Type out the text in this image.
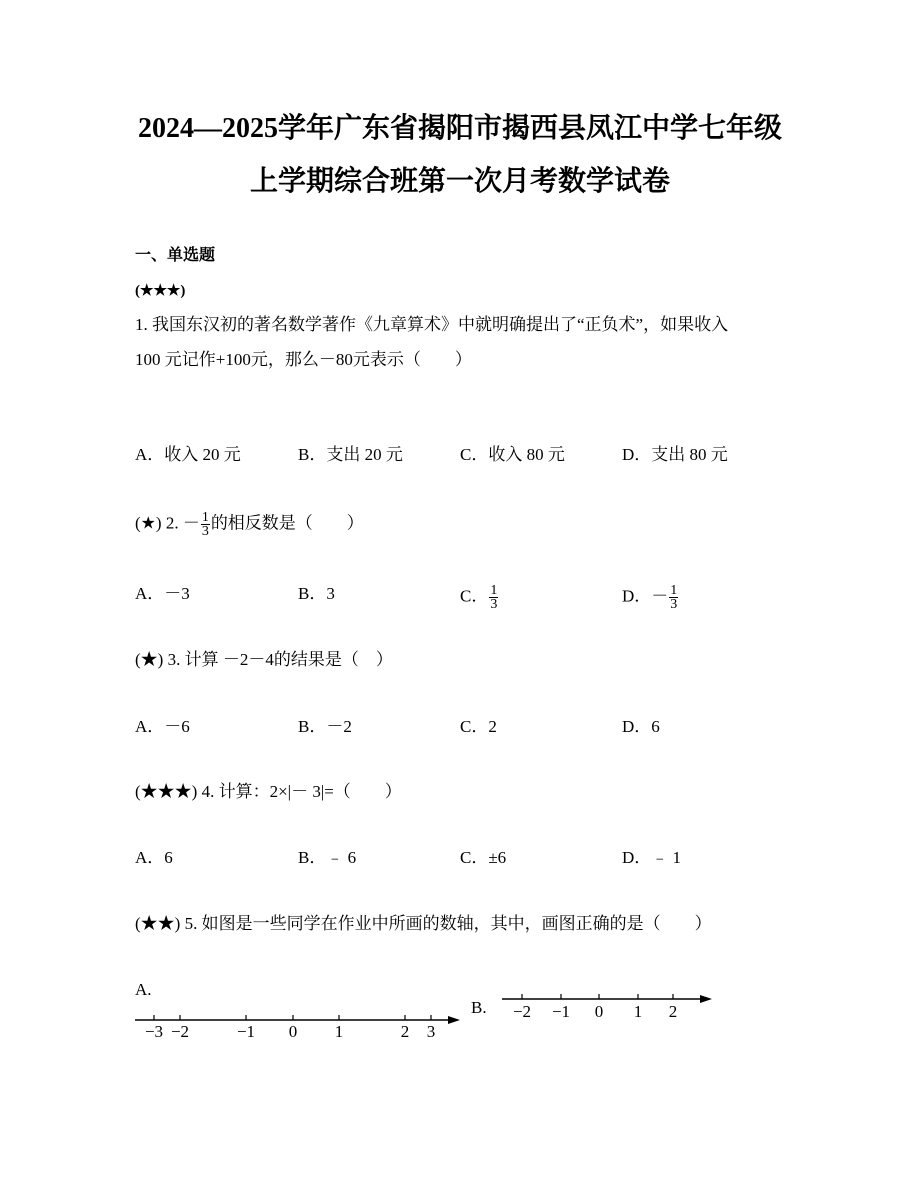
2024—2025学年广东省揭阳市揭西县凤江中学七年级
上学期综合班第一次月考数学试卷
一、单选题
(★★★)
1. 我国东汉初的著名数学著作《九章算术》中就明确提出了“正负术”，如果收入
100 元记作+100元，那么－80元表示（　　）
A．收入 20 元	B．支出 20 元	C．收入 80 元	D．支出 80 元
(★) 2. － $\frac{1}{3}$ 的相反数是（　　）
A．－3	B．3	C． $\frac{1}{3}$	D．－ $\frac{1}{3}$
(★) 3. 计算 －2－4的结果是（　）
A．－6	B．－2	C．2	D．6
(★★★) 4. 计算：2×|－ 3|=（　　）
A．6	B．﹣ 6	C．±6	D．﹣ 1
(★★) 5. 如图是一些同学在作业中所画的数轴，其中，画图正确的是（　　）
A.
B.
−3 −2	−1 0 1	2 3
−2 −1 0 1 2
